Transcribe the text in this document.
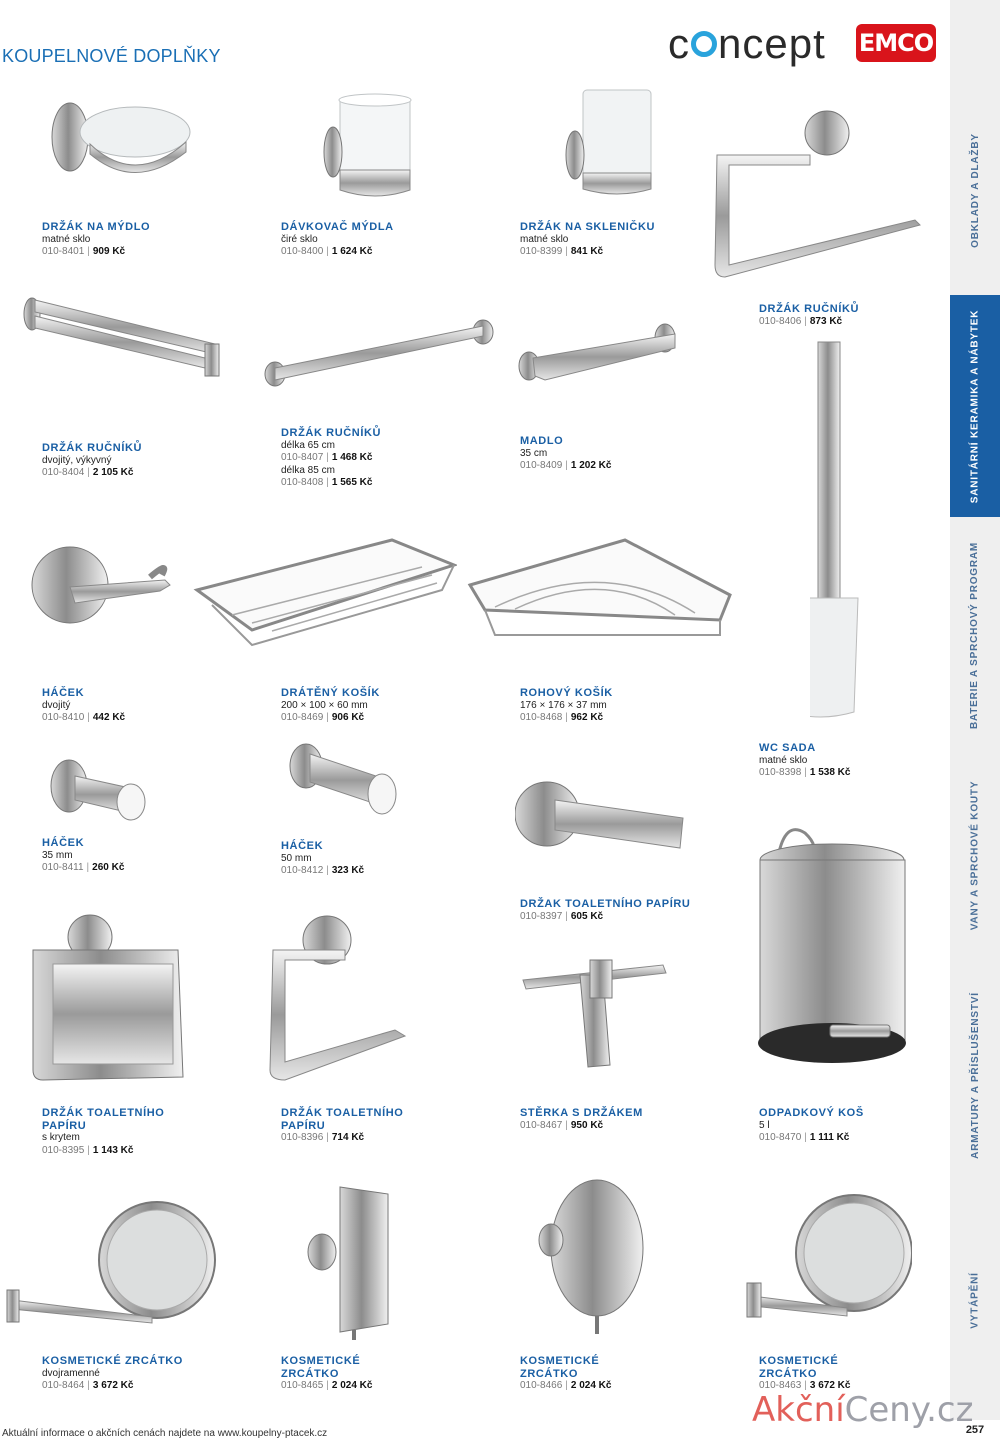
KOUPELNOVÉ DOPLŇKY	c ncept EMCO
OBKLADY A DLAŽBY
SANITÁRNÍ KERAMIKA A NÁBYTEK
BATERIE A SPRCHOVÝ PROGRAM
VANY A SPRCHOVÉ KOUTY
ARMATURY A PŘÍSLUŠENSTVÍ
VYTÁPĚNÍ
DRŽÁK NA MÝDLO
matné sklo
010-8401 | 909 Kč
DÁVKOVAČ MÝDLA
čiré sklo
010-8400 | 1 624 Kč
DRŽÁK NA SKLENIČKU
matné sklo
010-8399 | 841 Kč
DRŽÁK RUČNÍKŮ
010-8406 | 873 Kč
DRŽÁK RUČNÍKŮ
dvojitý, výkyvný
010-8404 | 2 105 Kč
DRŽÁK RUČNÍKŮ
délka 65 cm
010-8407 | 1 468 Kč
délka 85 cm
010-8408 | 1 565 Kč
MADLO
35 cm
010-8409 | 1 202 Kč
HÁČEK
dvojitý
010-8410 | 442 Kč
DRÁTĚNÝ KOŠÍK
200 × 100 × 60 mm
010-8469 | 906 Kč
ROHOVÝ KOŠÍK
176 × 176 × 37 mm
010-8468 | 962 Kč
WC SADA
matné sklo
010-8398 | 1 538 Kč
HÁČEK
35 mm
010-8411 | 260 Kč
HÁČEK
50 mm
010-8412 | 323 Kč
DRŽAK TOALETNÍHO PAPÍRU
010-8397 | 605 Kč
DRŽÁK TOALETNÍHO PAPÍRU
s krytem
010-8395 | 1 143 Kč
DRŽÁK TOALETNÍHO PAPÍRU
010-8396 | 714 Kč
STĚRKA S DRŽÁKEM
010-8467 | 950 Kč
ODPADKOVÝ KOŠ
5 l
010-8470 | 1 111 Kč
KOSMETICKÉ ZRCÁTKO
dvojramenné
010-8464 | 3 672 Kč
KOSMETICKÉ ZRCÁTKO
010-8465 | 2 024 Kč
KOSMETICKÉ ZRCÁTKO
010-8466 | 2 024 Kč
KOSMETICKÉ ZRCÁTKO
010-8463 | 3 672 Kč
Aktuální informace o akčních cenách najdete na www.koupelny-ptacek.cz
AkčníCeny.cz
257
